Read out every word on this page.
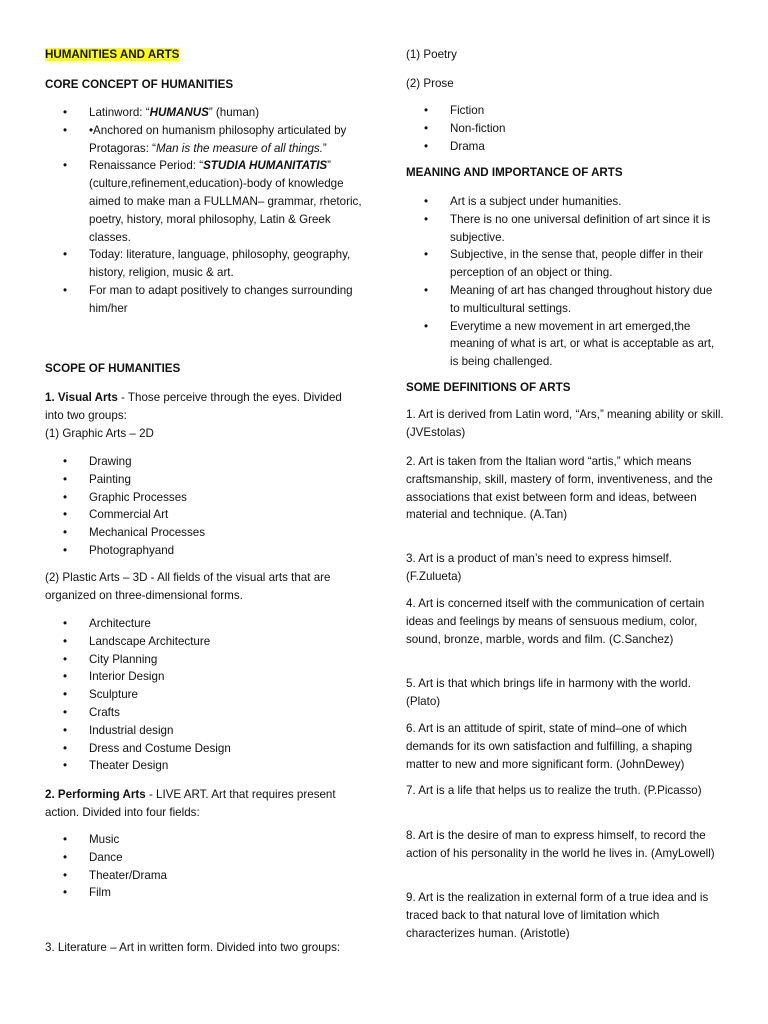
HUMANITIES AND ARTS
CORE CONCEPT OF HUMANITIES
• Latinword: “HUMANUS” (human)
• •Anchored on humanism philosophy articulated by Protagoras: “Man is the measure of all things.”
• Renaissance Period: “STUDIA HUMANITATIS” (culture,refinement,education)-body of knowledge aimed to make man a FULLMAN– grammar, rhetoric, poetry, history, moral philosophy, Latin & Greek classes.
• Today: literature, language, philosophy, geography, history, religion, music & art.
• For man to adapt positively to changes surrounding him/her
SCOPE OF HUMANITIES

1. Visual Arts - Those perceive through the eyes. Divided into two groups:

(1) Graphic Arts – 2D

• Drawing
• Painting
• Graphic Processes
• Commercial Art
• Mechanical Processes
• Photographyand

(2) Plastic Arts – 3D - All fields of the visual arts that are organized on three-dimensional forms.

• Architecture
• Landscape Architecture
• City Planning
• Interior Design
• Sculpture
• Crafts
• Industrial design
• Dress and Costume Design
• Theater Design

2. Performing Arts - LIVE ART. Art that requires present action. Divided into four fields:

• Music
• Dance
• Theater/Drama
• Film

3. Literature – Art in written form. Divided into two groups:

(1) Poetry

(2) Prose

• Fiction
• Non-fiction
• Drama
MEANING AND IMPORTANCE OF ARTS
• Art is a subject under humanities.
• There is no one universal definition of art since it is subjective.
• Subjective, in the sense that, people differ in their perception of an object or thing.
• Meaning of art has changed throughout history due to multicultural settings.
• Everytime a new movement in art emerged,the meaning of what is art, or what is acceptable as art, is being challenged.
SOME DEFINITIONS OF ARTS

1. Art is derived from Latin word, “Ars,” meaning ability or skill. (JVEstolas)

2. Art is taken from the Italian word “artis,” which means craftsmanship, skill, mastery of form, inventiveness, and the associations that exist between form and ideas, between material and technique. (A.Tan)

3. Art is a product of man’s need to express himself. (F.Zulueta)

4. Art is concerned itself with the communication of certain ideas and feelings by means of sensuous medium, color, sound, bronze, marble, words and film. (C.Sanchez)

5. Art is that which brings life in harmony with the world. (Plato)

6. Art is an attitude of spirit, state of mind–one of which demands for its own satisfaction and fulfilling, a shaping matter to new and more significant form. (JohnDewey)

7. Art is a life that helps us to realize the truth. (P.Picasso)

8. Art is the desire of man to express himself, to record the action of his personality in the world he lives in. (AmyLowell)

9. Art is the realization in external form of a true idea and is traced back to that natural love of limitation which characterizes human. (Aristotle)
